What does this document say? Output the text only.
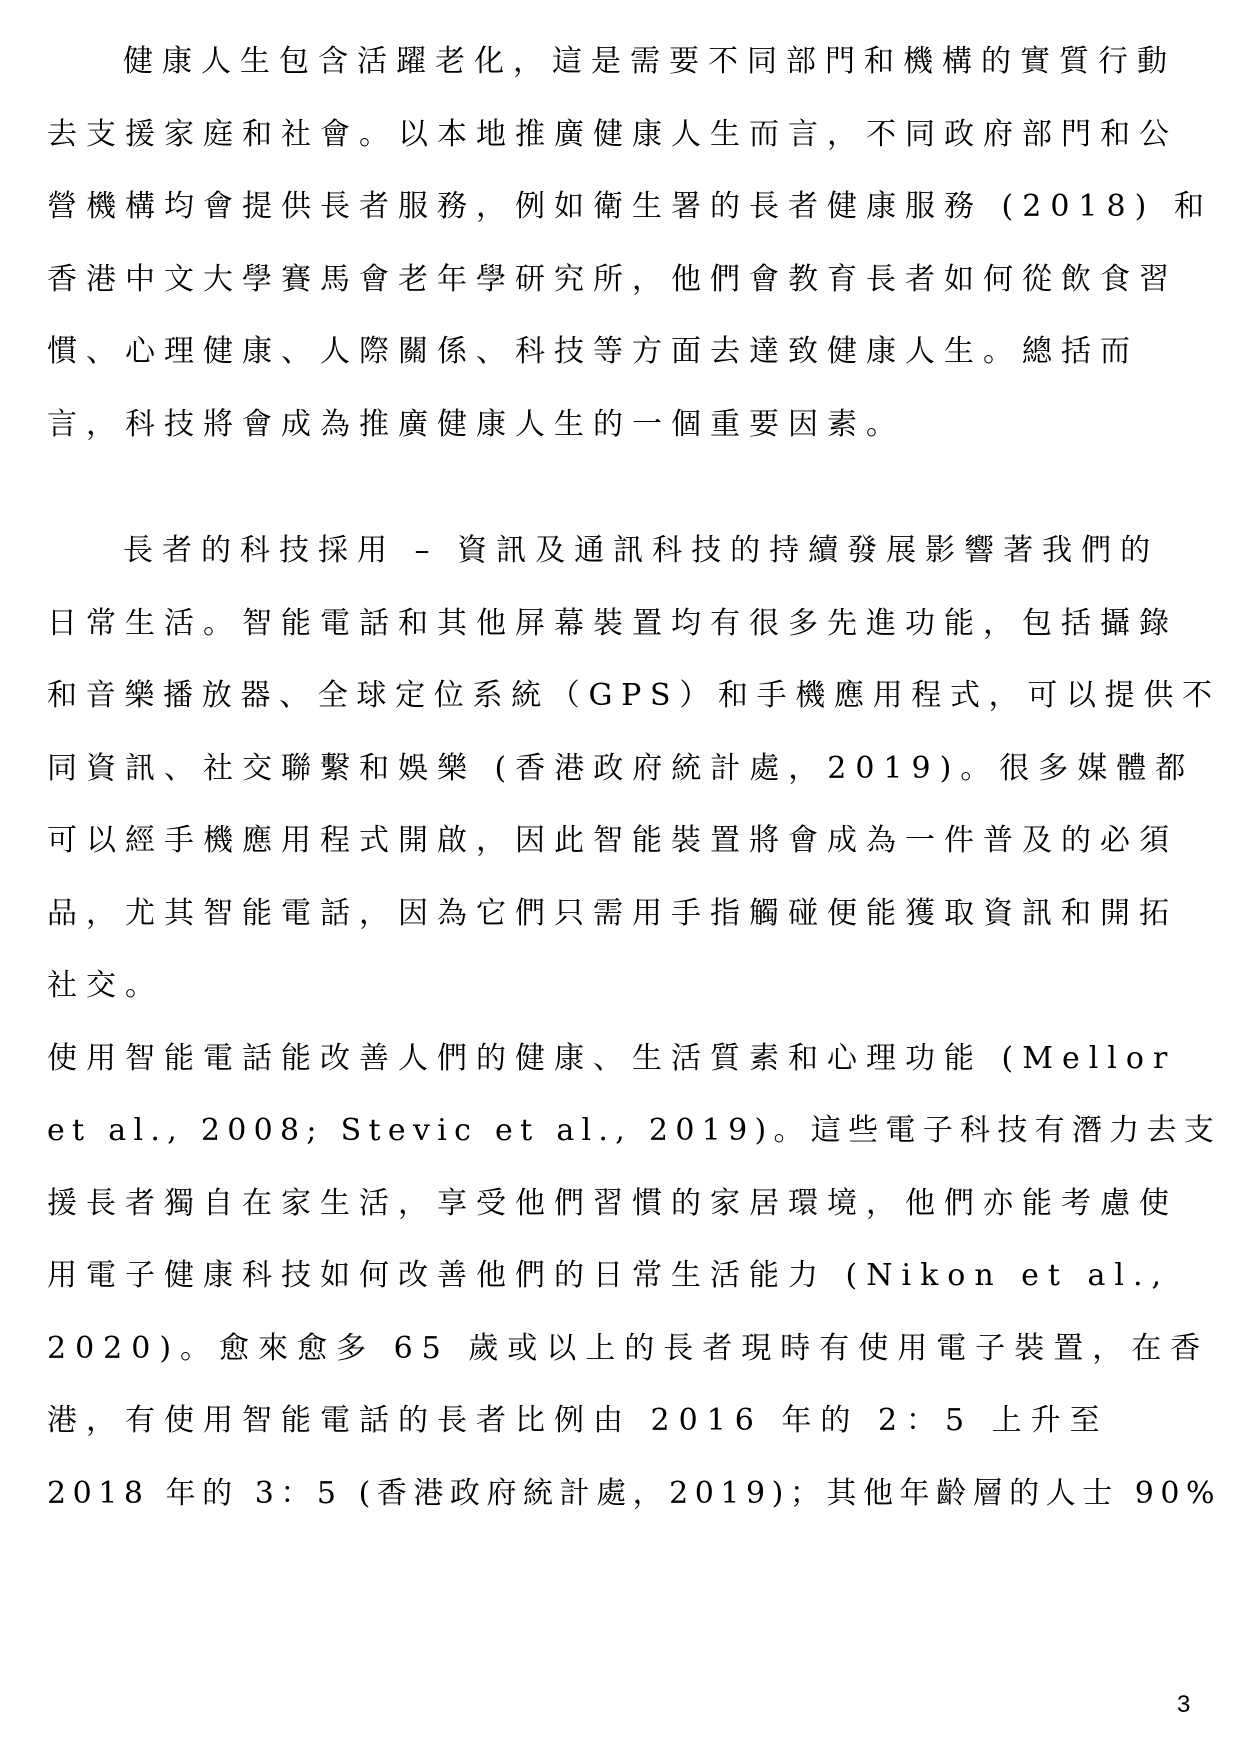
健康人生包含活躍老化，這是需要不同部門和機構的實質行動
去支援家庭和社會。以本地推廣健康人生而言，不同政府部門和公
營機構均會提供長者服務，例如衛生署的長者健康服務 (2018) 和
香港中文大學賽馬會老年學研究所，他們會教育長者如何從飲食習
慣、心理健康、人際關係、科技等方面去達致健康人生。總括而
言，科技將會成為推廣健康人生的一個重要因素。
長者的科技採用 – 資訊及通訊科技的持續發展影響著我們的
日常生活。智能電話和其他屏幕裝置均有很多先進功能，包括攝錄
和音樂播放器、全球定位系統（GPS）和手機應用程式，可以提供不
同資訊、社交聯繫和娛樂 (香港政府統計處，2019)。很多媒體都
可以經手機應用程式開啟，因此智能裝置將會成為一件普及的必須
品，尤其智能電話，因為它們只需用手指觸碰便能獲取資訊和開拓
社交。
使用智能電話能改善人們的健康、生活質素和心理功能 (Mellor
et al., 2008; Stevic et al., 2019)。這些電子科技有潛力去支
援長者獨自在家生活，享受他們習慣的家居環境，他們亦能考慮使
用電子健康科技如何改善他們的日常生活能力 (Nikon et al.,
2020)。愈來愈多 65 歲或以上的長者現時有使用電子裝置，在香
港，有使用智能電話的長者比例由 2016 年的 2：5 上升至
2018 年的 3：5 (香港政府統計處，2019)；其他年齡層的人士 90%
3
